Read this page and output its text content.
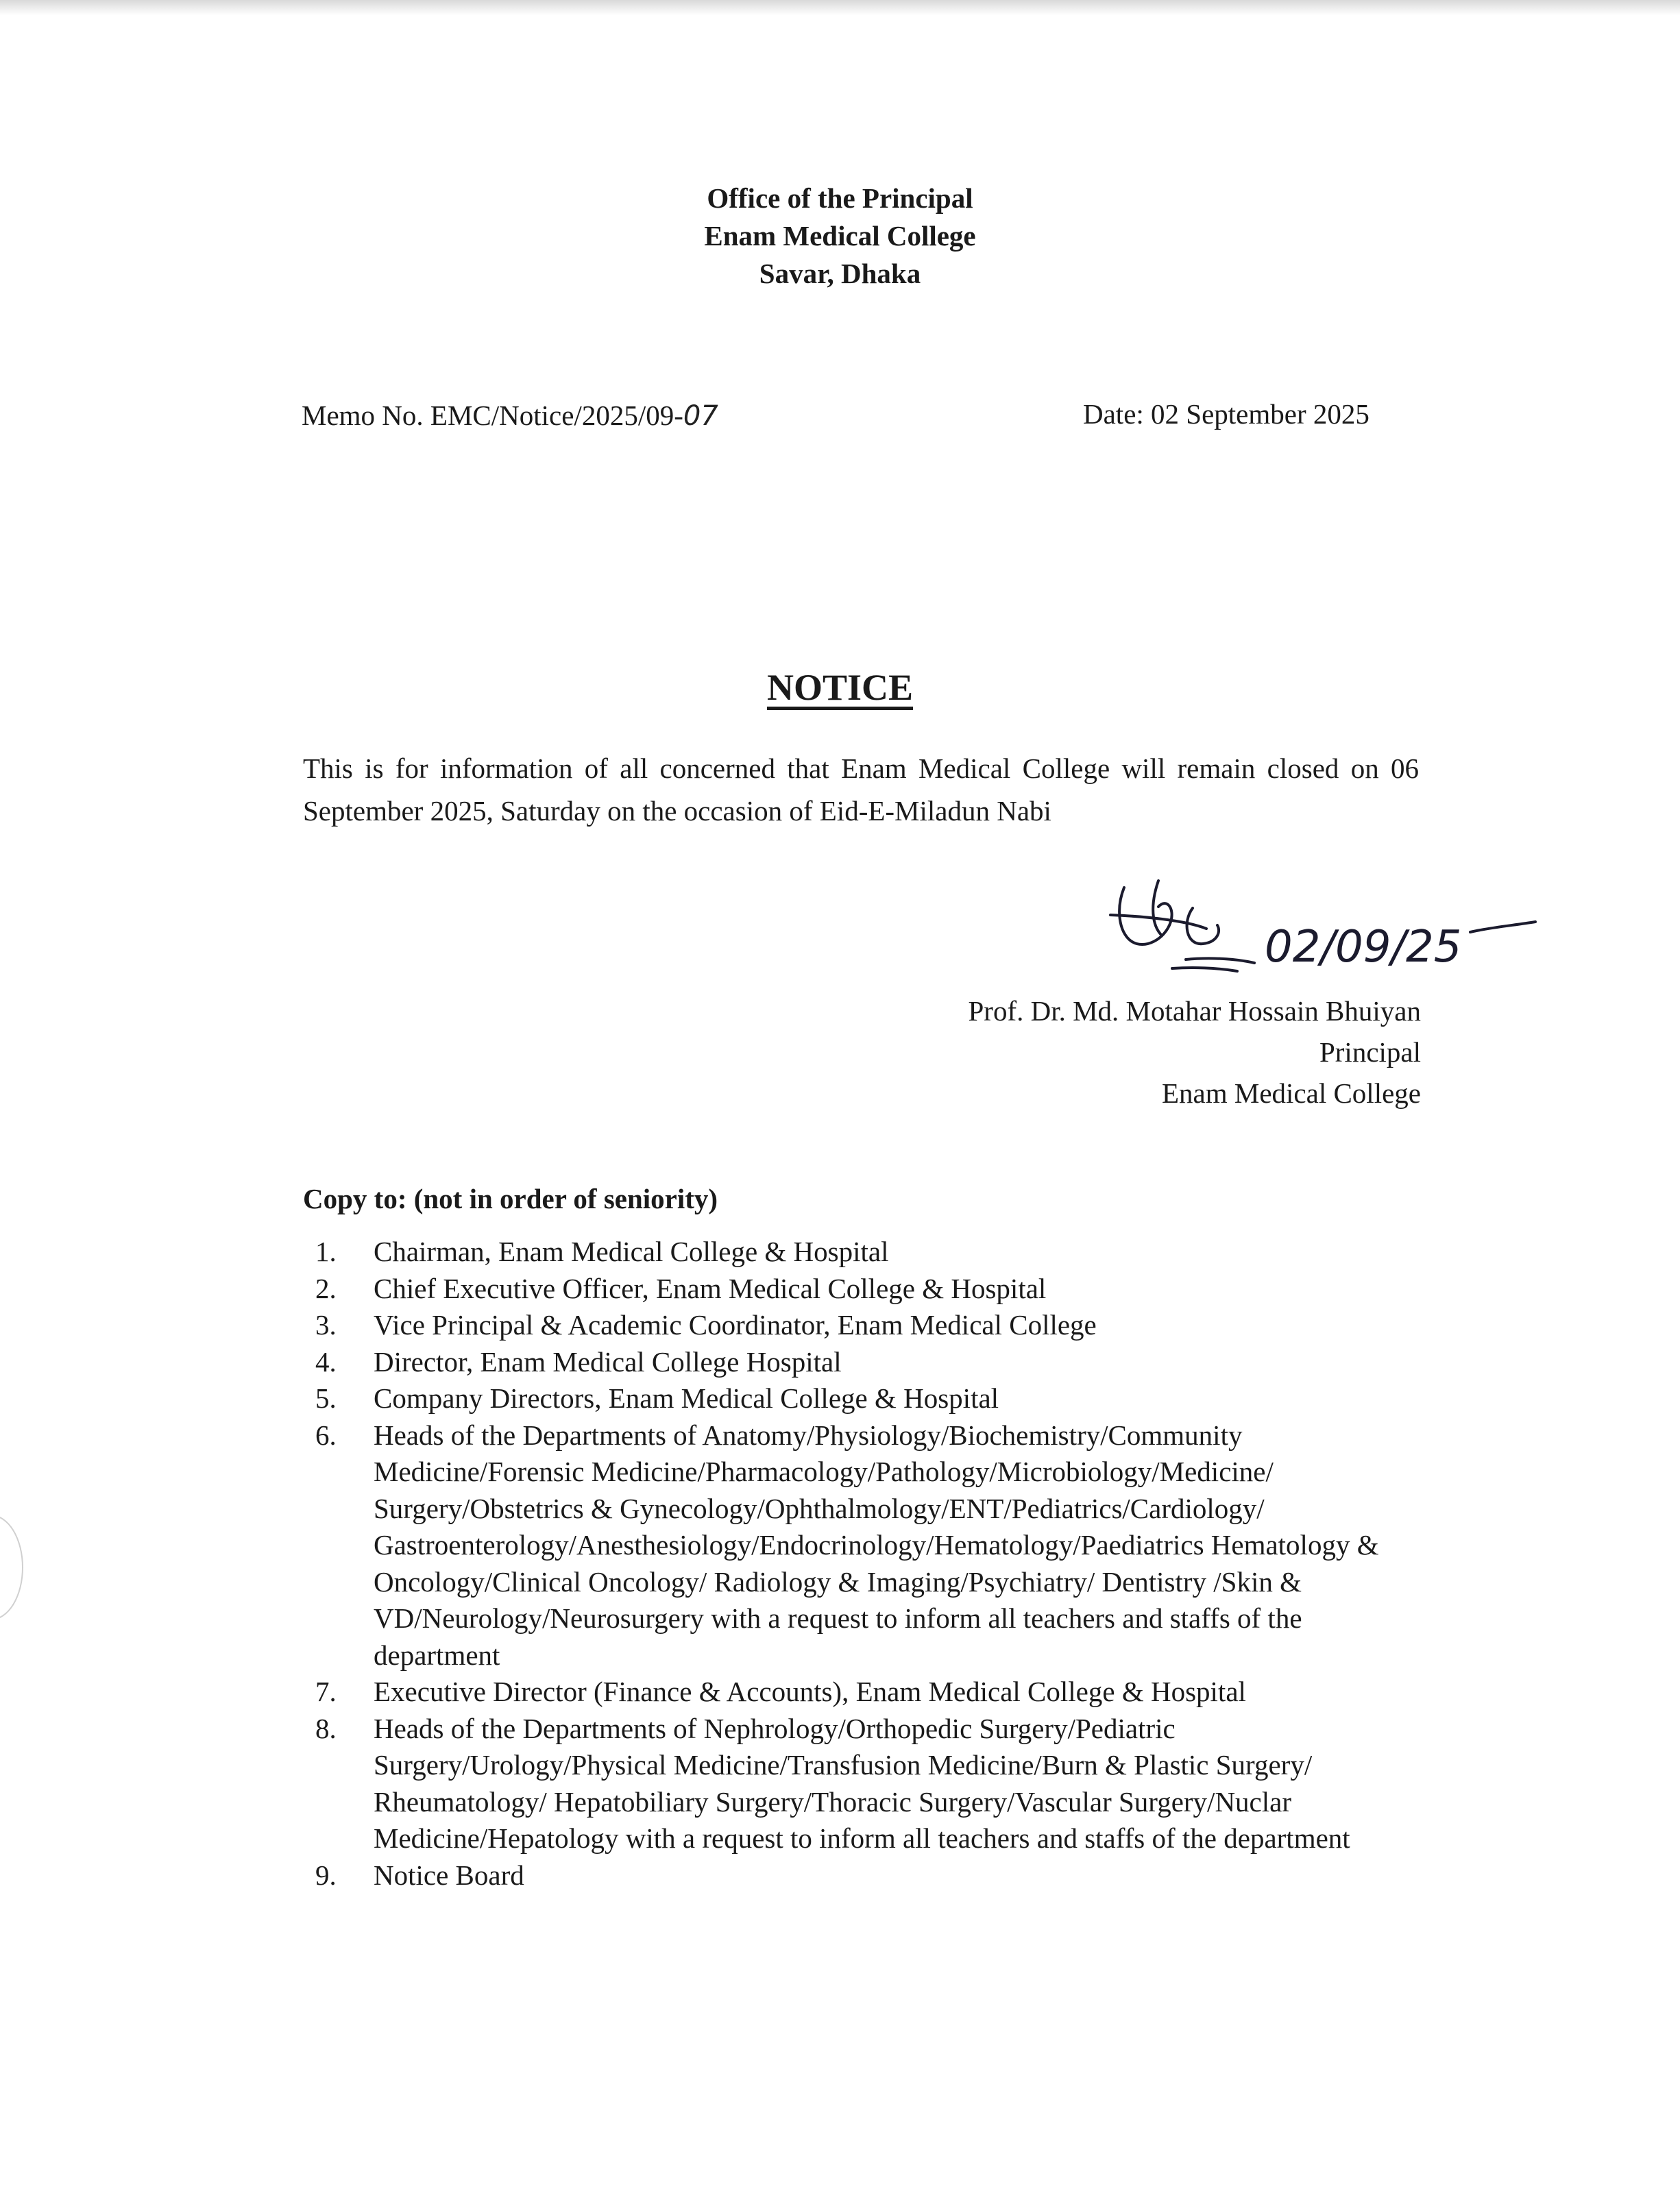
Office of the Principal
Enam Medical College
Savar, Dhaka
Memo No. EMC/Notice/2025/09-07	Date: 02 September 2025
NOTICE
This is for information of all concerned that Enam Medical College will remain closed on 06 September 2025, Saturday on the occasion of Eid-E-Miladun Nabi
02/09/25
Prof. Dr. Md. Motahar Hossain Bhuiyan
Principal
Enam Medical College
Copy to: (not in order of seniority)
1.	Chairman, Enam Medical College & Hospital
2.	Chief Executive Officer, Enam Medical College & Hospital
3.	Vice Principal & Academic Coordinator, Enam Medical College
4.	Director, Enam Medical College Hospital
5.	Company Directors, Enam Medical College & Hospital
6.	Heads of the Departments of Anatomy/Physiology/Biochemistry/Community Medicine/Forensic Medicine/Pharmacology/Pathology/Microbiology/Medicine/ Surgery/Obstetrics & Gynecology/Ophthalmology/ENT/Pediatrics/Cardiology/ Gastroenterology/Anesthesiology/Endocrinology/Hematology/Paediatrics Hematology & Oncology/Clinical Oncology/ Radiology & Imaging/Psychiatry/ Dentistry /Skin & VD/Neurology/Neurosurgery with a request to inform all teachers and staffs of the department
7.	Executive Director (Finance & Accounts), Enam Medical College & Hospital
8.	Heads of the Departments of Nephrology/Orthopedic Surgery/Pediatric Surgery/Urology/Physical Medicine/Transfusion Medicine/Burn & Plastic Surgery/ Rheumatology/ Hepatobiliary Surgery/Thoracic Surgery/Vascular Surgery/Nuclar Medicine/Hepatology with a request to inform all teachers and staffs of the department
9.	Notice Board
